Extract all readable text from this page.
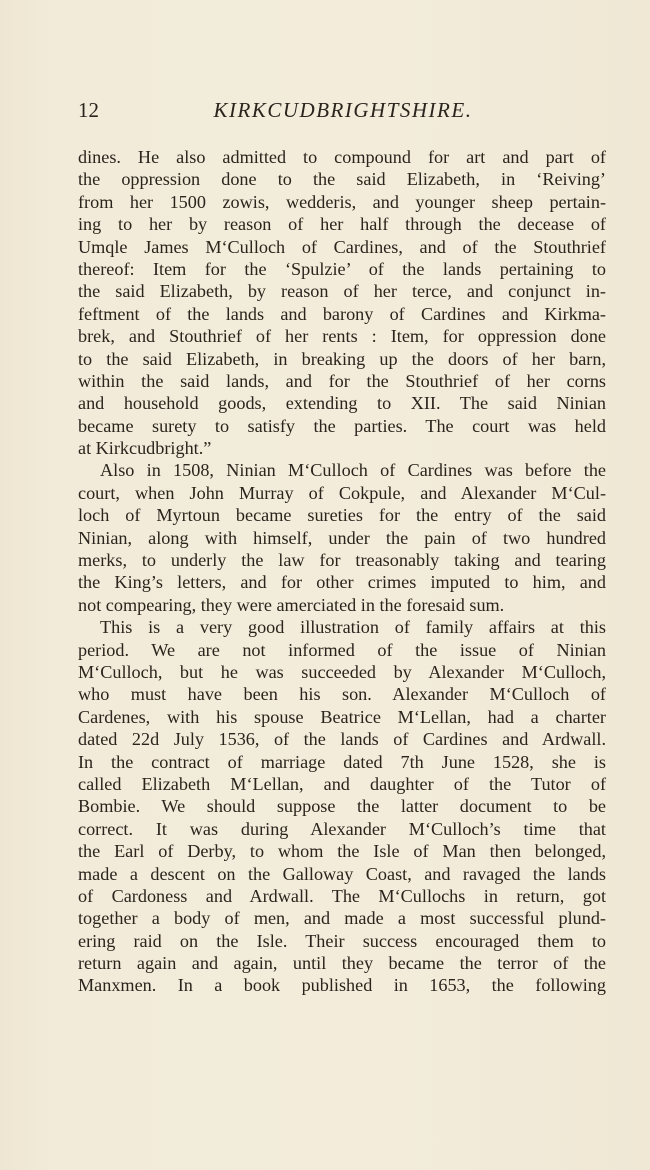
12	KIRKCUDBRIGHTSHIRE.
dines. He also admitted to compound for art and part of
the oppression done to the said Elizabeth, in ‘Reiving’
from her 1500 zowis, wedderis, and younger sheep pertain-
ing to her by reason of her half through the decease of
Umqle James M‘Culloch of Cardines, and of the Stouthrief
thereof: Item for the ‘Spulzie’ of the lands pertaining to
the said Elizabeth, by reason of her terce, and conjunct in-
feftment of the lands and barony of Cardines and Kirkma-
brek, and Stouthrief of her rents : Item, for oppression done
to the said Elizabeth, in breaking up the doors of her barn,
within the said lands, and for the Stouthrief of her corns
and household goods, extending to XII. The said Ninian
became surety to satisfy the parties. The court was held
at Kirkcudbright.”
Also in 1508, Ninian M‘Culloch of Cardines was before the
court, when John Murray of Cokpule, and Alexander M‘Cul-
loch of Myrtoun became sureties for the entry of the said
Ninian, along with himself, under the pain of two hundred
merks, to underly the law for treasonably taking and tearing
the King’s letters, and for other crimes imputed to him, and
not compearing, they were amerciated in the foresaid sum.
This is a very good illustration of family affairs at this
period. We are not informed of the issue of Ninian
M‘Culloch, but he was succeeded by Alexander M‘Culloch,
who must have been his son. Alexander M‘Culloch of
Cardenes, with his spouse Beatrice M‘Lellan, had a charter
dated 22d July 1536, of the lands of Cardines and Ardwall.
In the contract of marriage dated 7th June 1528, she is
called Elizabeth M‘Lellan, and daughter of the Tutor of
Bombie. We should suppose the latter document to be
correct. It was during Alexander M‘Culloch’s time that
the Earl of Derby, to whom the Isle of Man then belonged,
made a descent on the Galloway Coast, and ravaged the lands
of Cardoness and Ardwall. The M‘Cullochs in return, got
together a body of men, and made a most successful plund-
ering raid on the Isle. Their success encouraged them to
return again and again, until they became the terror of the
Manxmen. In a book published in 1653, the following
